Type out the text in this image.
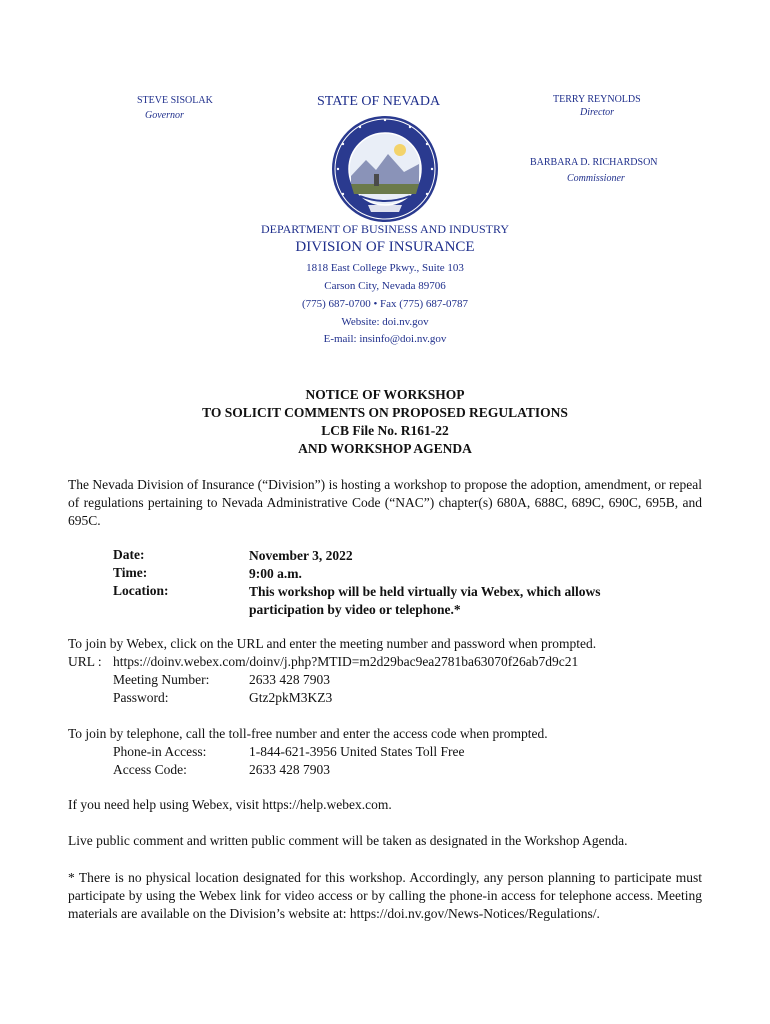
STEVE SISOLAK
Governor
STATE OF NEVADA	TERRY REYNOLDS
Director
BARBARA D. RICHARDSON
Commissioner
DEPARTMENT OF BUSINESS AND INDUSTRY
DIVISION OF INSURANCE
1818 East College Pkwy., Suite 103
Carson City, Nevada 89706
(775) 687-0700 • Fax (775) 687-0787
Website: doi.nv.gov
E-mail: insinfo@doi.nv.gov
NOTICE OF WORKSHOP
TO SOLICIT COMMENTS ON PROPOSED REGULATIONS
LCB File No. R161-22
AND WORKSHOP AGENDA
The Nevada Division of Insurance (“Division”) is hosting a workshop to propose the adoption, amendment, or repeal of regulations pertaining to Nevada Administrative Code (“NAC”) chapter(s) 680A, 688C, 689C, 690C, 695B, and 695C.
Date:	November 3, 2022
Time:	9:00 a.m.
Location:	This workshop will be held virtually via Webex, which allows
participation by video or telephone.*
To join by Webex, click on the URL and enter the meeting number and password when prompted.
URL : https://doinv.webex.com/doinv/j.php?MTID=m2d29bac9ea2781ba63070f26ab7d9c21
Meeting Number:	2633 428 7903
Password:	Gtz2pkM3KZ3
To join by telephone, call the toll-free number and enter the access code when prompted.
Phone-in Access:	1-844-621-3956 United States Toll Free
Access Code:	2633 428 7903
If you need help using Webex, visit https://help.webex.com.
Live public comment and written public comment will be taken as designated in the Workshop Agenda.
* There is no physical location designated for this workshop. Accordingly, any person planning to participate must participate by using the Webex link for video access or by calling the phone-in access for telephone access. Meeting materials are available on the Division’s website at: https://doi.nv.gov/News-Notices/Regulations/.
